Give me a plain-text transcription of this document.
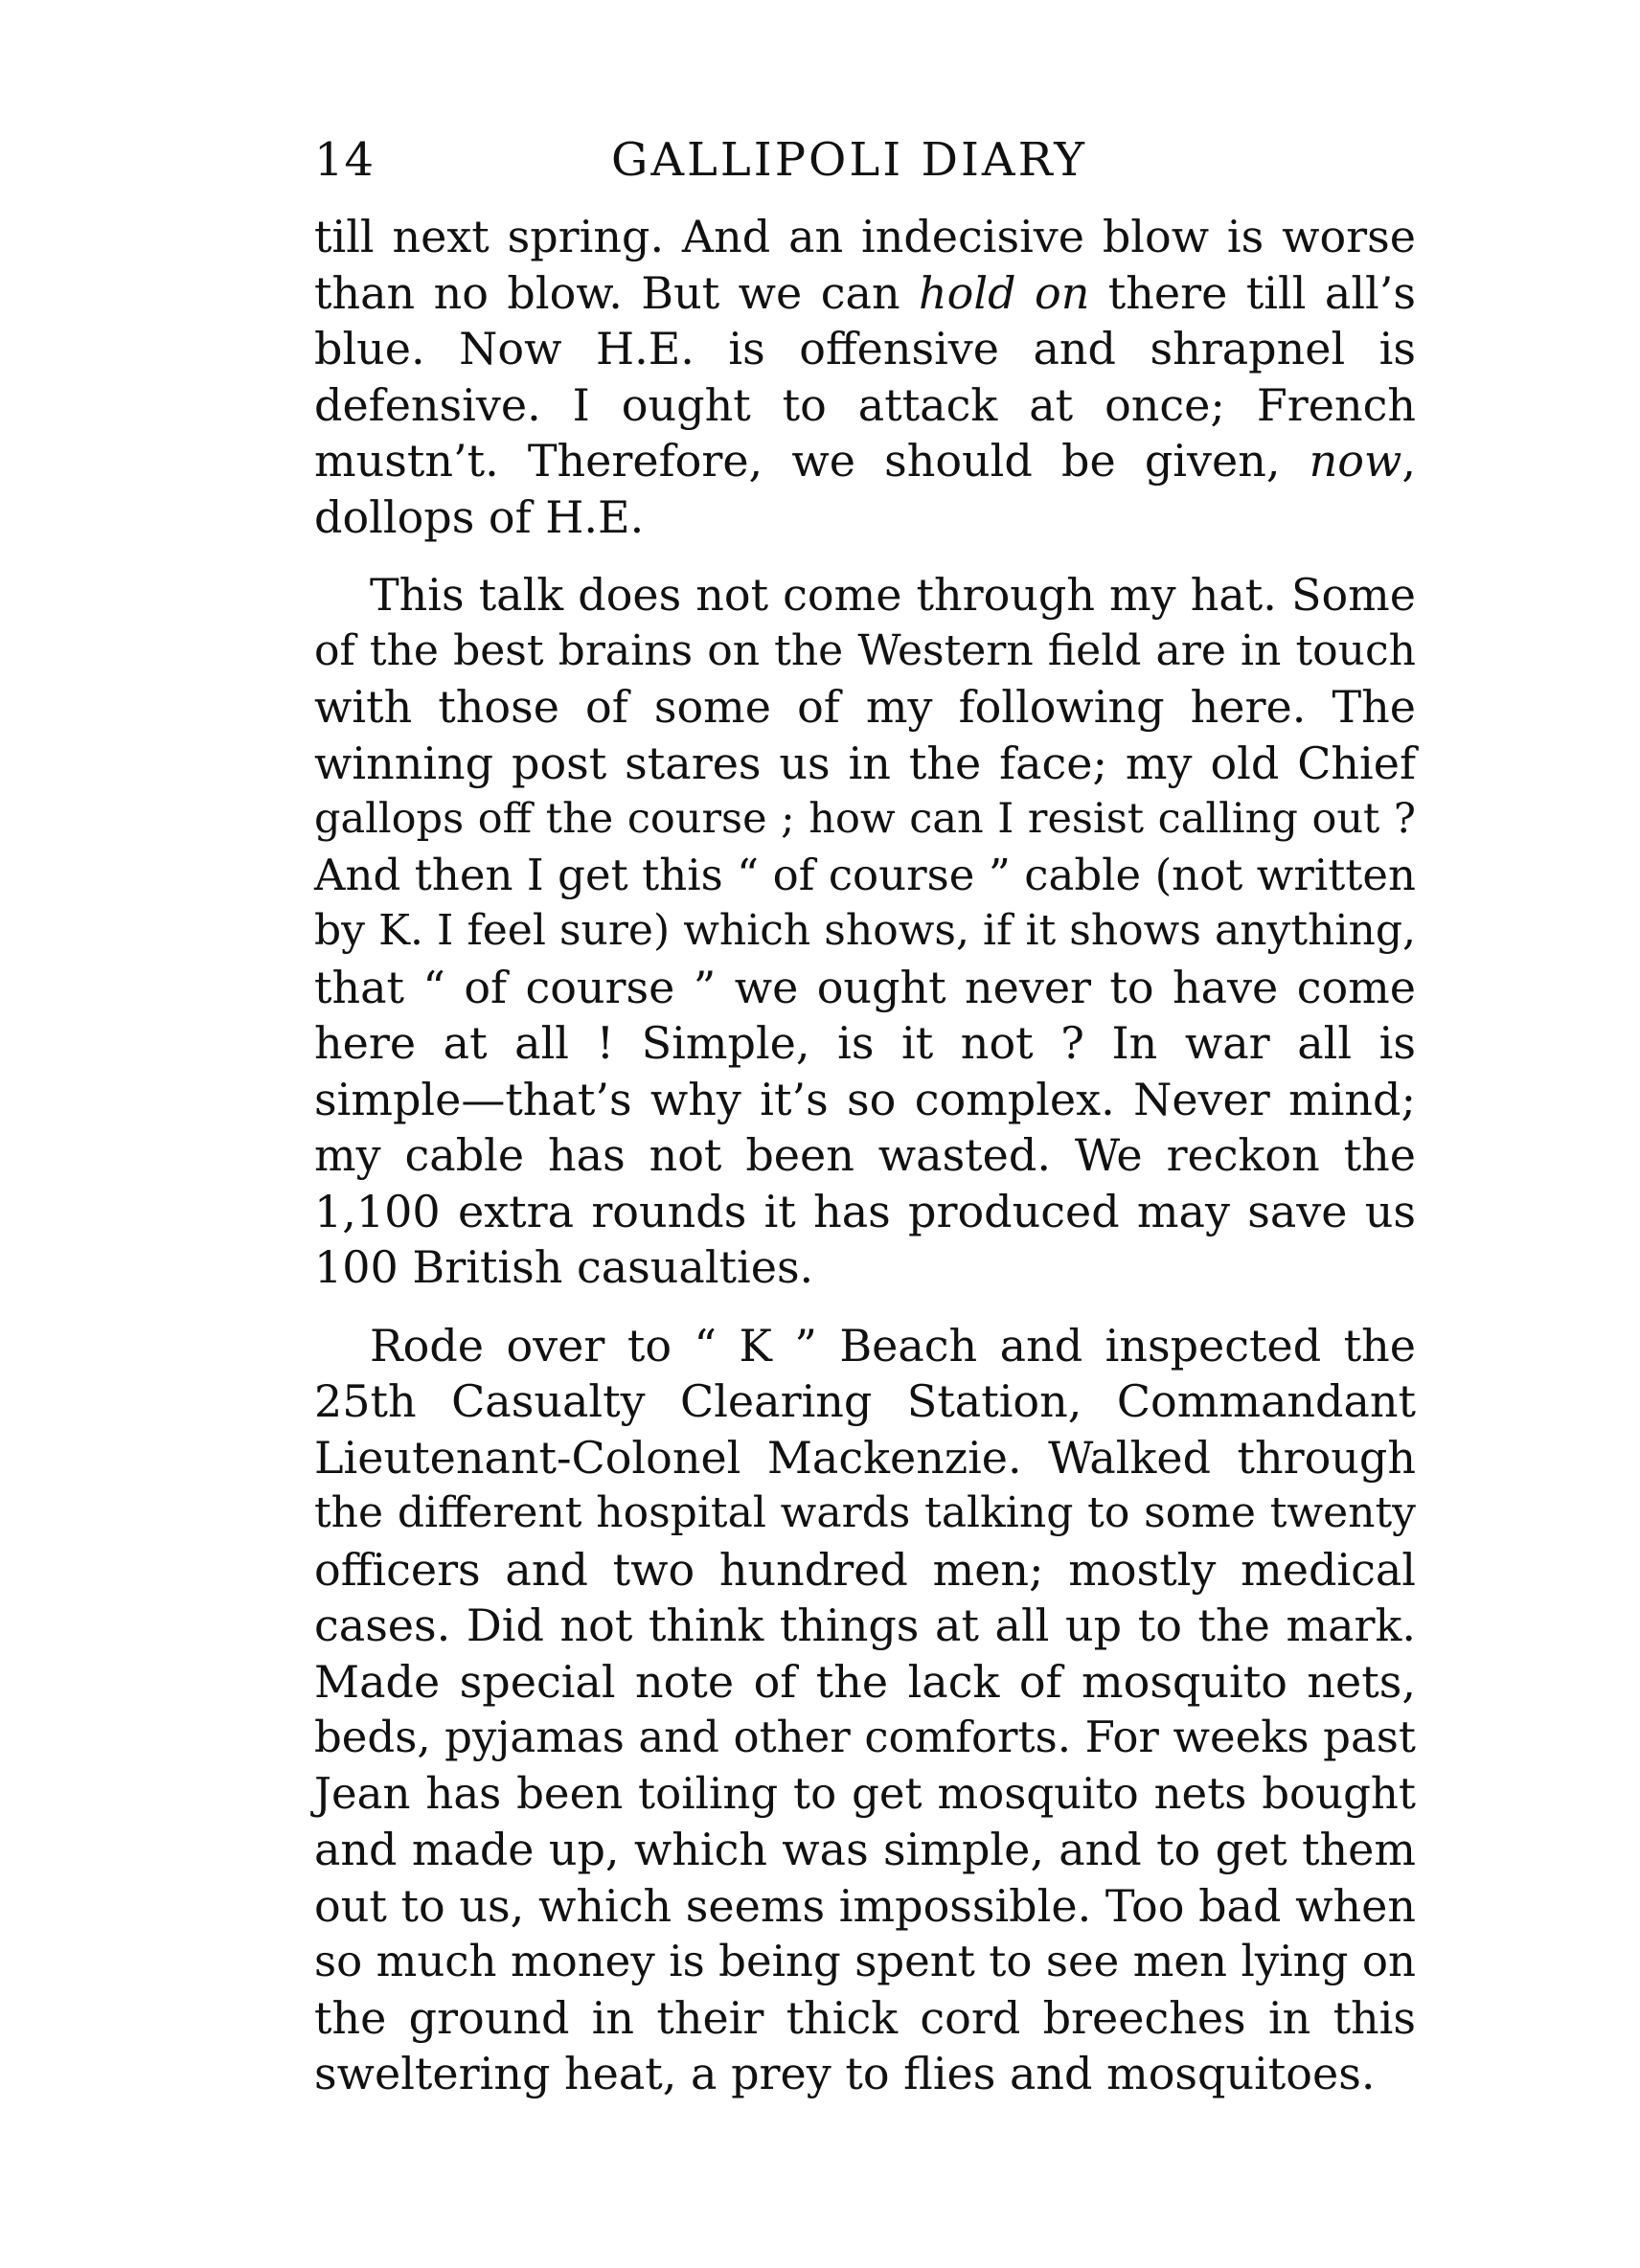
14	GALLIPOLI DIARY
till next spring. And an indecisive blow is worse
than no blow. But we can hold on there till all’s
blue. Now H.E. is offensive and shrapnel is
defensive. I ought to attack at once; French
mustn’t. Therefore, we should be given, now,
dollops of H.E.
This talk does not come through my hat. Some
of the best brains on the Western field are in touch
with those of some of my following here. The
winning post stares us in the face; my old Chief
gallops off the course ; how can I resist calling out ?
And then I get this “ of course ” cable (not written
by K. I feel sure) which shows, if it shows anything,
that “ of course ” we ought never to have come
here at all ! Simple, is it not ? In war all is
simple—that’s why it’s so complex. Never mind;
my cable has not been wasted. We reckon the
1,100 extra rounds it has produced may save us
100 British casualties.
Rode over to “ K ” Beach and inspected the
25th Casualty Clearing Station, Commandant
Lieutenant-Colonel Mackenzie. Walked through
the different hospital wards talking to some twenty
officers and two hundred men; mostly medical
cases. Did not think things at all up to the mark.
Made special note of the lack of mosquito nets,
beds, pyjamas and other comforts. For weeks past
Jean has been toiling to get mosquito nets bought
and made up, which was simple, and to get them
out to us, which seems impossible. Too bad when
so much money is being spent to see men lying on
the ground in their thick cord breeches in this
sweltering heat, a prey to flies and mosquitoes.
